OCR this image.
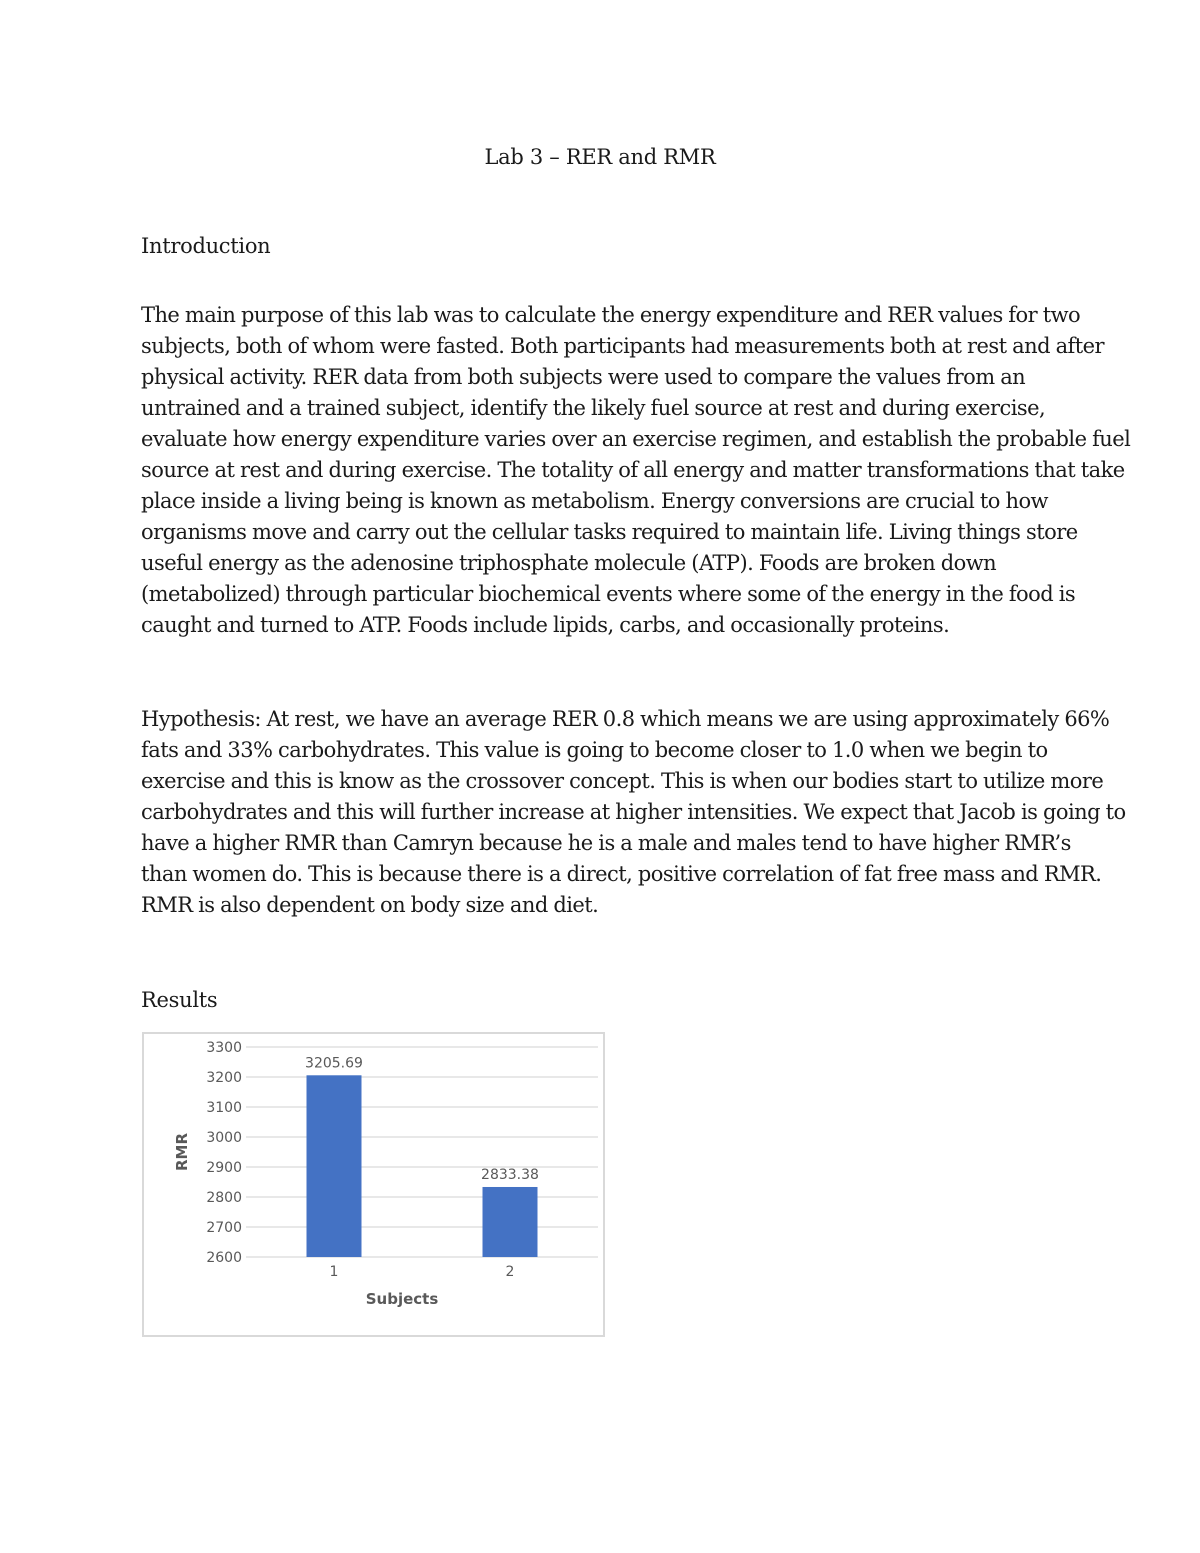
Lab 3 – RER and RMR
Introduction
The main purpose of this lab was to calculate the energy expenditure and RER values for two
subjects, both of whom were fasted. Both participants had measurements both at rest and after
physical activity. RER data from both subjects were used to compare the values from an
untrained and a trained subject, identify the likely fuel source at rest and during exercise,
evaluate how energy expenditure varies over an exercise regimen, and establish the probable fuel
source at rest and during exercise. The totality of all energy and matter transformations that take
place inside a living being is known as metabolism. Energy conversions are crucial to how
organisms move and carry out the cellular tasks required to maintain life. Living things store
useful energy as the adenosine triphosphate molecule (ATP). Foods are broken down
(metabolized) through particular biochemical events where some of the energy in the food is
caught and turned to ATP. Foods include lipids, carbs, and occasionally proteins.
Hypothesis: At rest, we have an average RER 0.8 which means we are using approximately 66%
fats and 33% carbohydrates. This value is going to become closer to 1.0 when we begin to
exercise and this is know as the crossover concept. This is when our bodies start to utilize more
carbohydrates and this will further increase at higher intensities. We expect that Jacob is going to
have a higher RMR than Camryn because he is a male and males tend to have higher RMR’s
than women do. This is because there is a direct, positive correlation of fat free mass and RMR.
RMR is also dependent on body size and diet.
Results
2600
2700
2800
2900
3000
3100
3200
3300
3205.69
1
2833.38
2
Subjects
RMR
